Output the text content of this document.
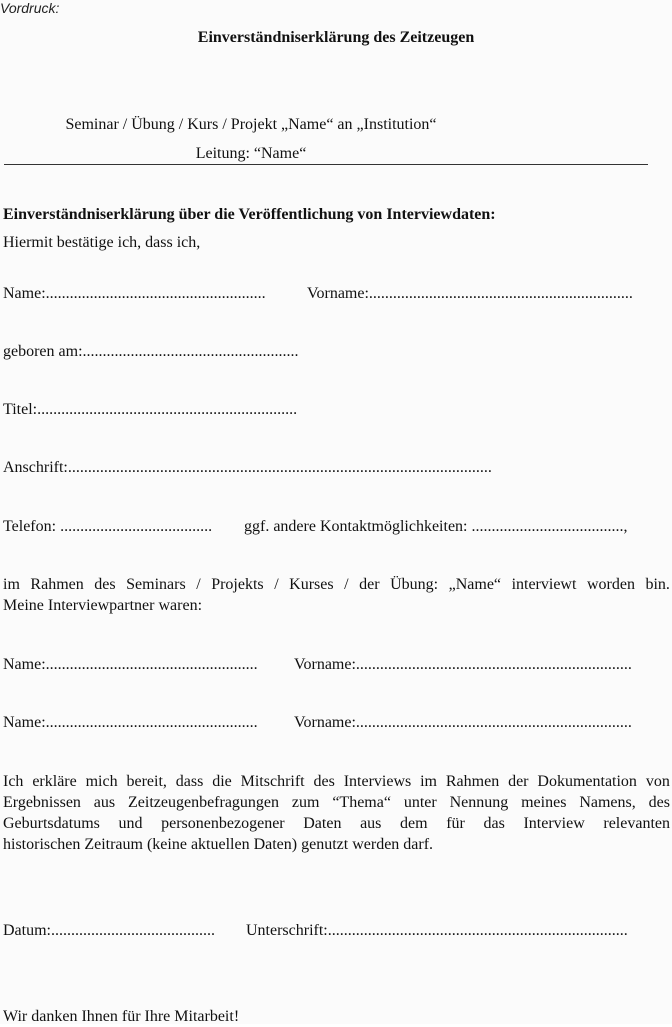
Vordruck:
Einverständniserklärung des Zeitzeugen
Seminar / Übung / Kurs / Projekt „Name“ an „Institution“
Leitung: “Name“
Einverständniserklärung über die Veröffentlichung von Interviewdaten:
Hiermit bestätige ich, dass ich,
Name:.......................................................	Vorname:..................................................................
geboren am:......................................................
Titel:.................................................................
Anschrift:..........................................................................................................
Telefon: ...................................... ggf. andere Kontaktmöglichkeiten: ......................................,
im Rahmen des Seminars / Projekts / Kurses / der Übung: „Name“ interviewt worden bin.
Meine Interviewpartner waren:
Name:..................................................... Vorname:.....................................................................
Name:..................................................... Vorname:.....................................................................
Ich erkläre mich bereit, dass die Mitschrift des Interviews im Rahmen der Dokumentation von
Ergebnissen aus Zeitzeugenbefragungen zum “Thema“ unter Nennung meines Namens, des
Geburtsdatums und personenbezogener Daten aus dem für das Interview relevanten
historischen Zeitraum (keine aktuellen Daten) genutzt werden darf.
Datum:......................................... Unterschrift:...........................................................................
Wir danken Ihnen für Ihre Mitarbeit!
